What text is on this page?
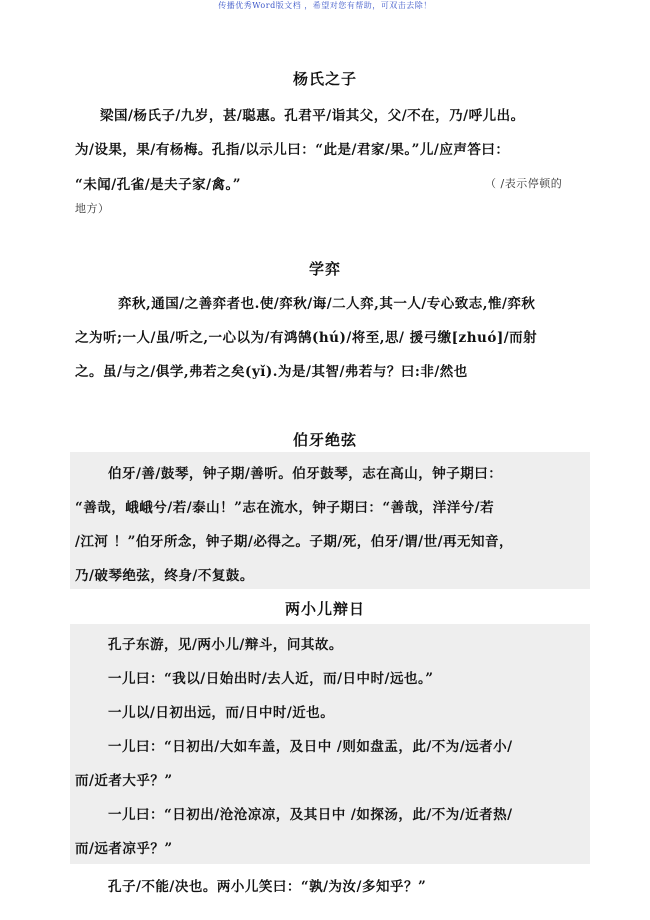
传播优秀Word版文档 ，希望对您有帮助，可双击去除！
杨氏之子
梁国/杨氏子/九岁，甚/聪惠。孔君平/诣其父，父/不在，乃/呼儿出。
为/设果，果/有杨梅。孔指/以示儿曰：“此是/君家/果。”儿/应声答曰：
“未闻/孔雀/是夫子家/禽。”	（ /表示停顿的
地方）
学弈
弈秋,通国/之善弈者也.使/弈秋/诲/二人弈,其一人/专心致志,惟/弈秋
之为听;一人/虽/听之,一心以为/有鸿鹄(hú)/将至,思/ 援弓缴[zhuó]/而射
之。虽/与之/俱学,弗若之矣(yǐ).为是/其智/弗若与？曰:非/然也
伯牙绝弦
伯牙/善/鼓琴，钟子期/善听。伯牙鼓琴，志在高山，钟子期曰：
“善哉，峨峨兮/若/泰山！”志在流水，钟子期曰：“善哉，洋洋兮/若
/江河 ！”伯牙所念，钟子期/必得之。子期/死，伯牙/谓/世/再无知音，
乃/破琴绝弦，终身/不复鼓。
两小儿辩日
孔子东游，见/两小儿/辩斗，问其故。
一儿曰：“我以/日始出时/去人近，而/日中时/远也。”
一儿以/日初出远，而/日中时/近也。
一儿曰：“日初出/大如车盖，及日中 /则如盘盂，此/不为/远者小/
而/近者大乎？”
一儿曰：“日初出/沧沧凉凉，及其日中 /如探汤，此/不为/近者热/
而/远者凉乎？”
孔子/不能/决也。两小儿笑曰：“孰/为汝/多知乎？”
